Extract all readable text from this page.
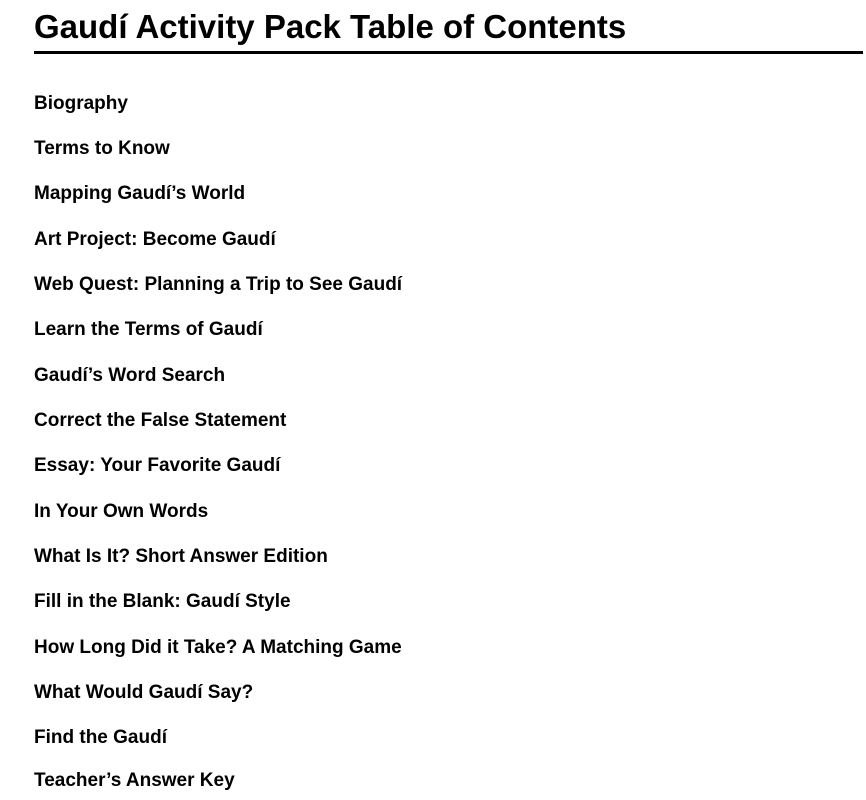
Gaudí Activity Pack Table of Contents
Biography
Terms to Know
Mapping Gaudí’s World
Art Project: Become Gaudí
Web Quest: Planning a Trip to See Gaudí
Learn the Terms of Gaudí
Gaudí’s Word Search
Correct the False Statement
Essay: Your Favorite Gaudí
In Your Own Words
What Is It? Short Answer Edition
Fill in the Blank: Gaudí Style
How Long Did it Take? A Matching Game
What Would Gaudí Say?
Find the Gaudí
Teacher’s Answer Key
